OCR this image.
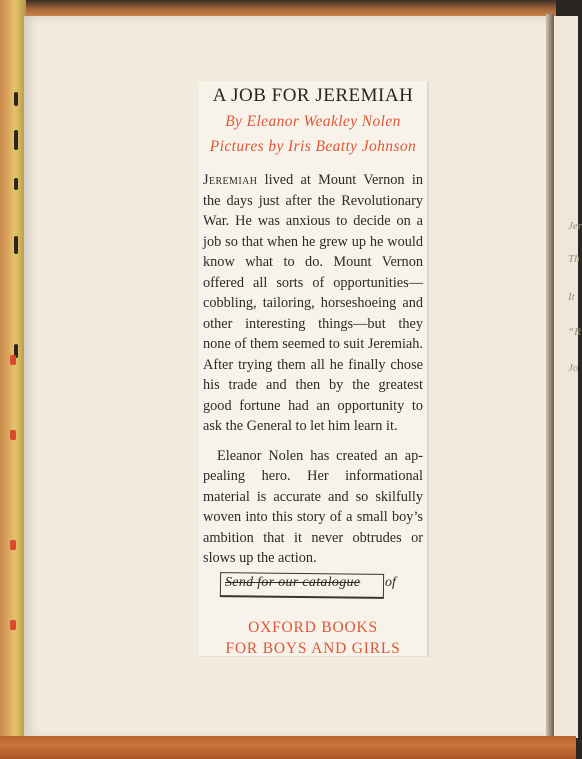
Jer
Th
It
“R
Jo
A JOB FOR JEREMIAH
By Eleanor Weakley Nolen
Pictures by Iris Beatty Johnson

Jeremiah lived at Mount Vernon in the days just after the Revolutionary War. He was anxious to decide on a job so that when he grew up he would know what to do. Mount Vernon offered all sorts of opportunities—cobbling, tailoring, horseshoeing and other interesting things—but they none of them seemed to suit Jeremiah. After trying them all he finally chose his trade and then by the greatest good fortune had an opportunity to ask the General to let him learn it.

Eleanor Nolen has created an appealing hero. Her informational material is accurate and so skilfully woven into this story of a small boy’s ambition that it never obtrudes or slows up the action.

Send for our catalogue of
OXFORD BOOKS
FOR BOYS AND GIRLS
